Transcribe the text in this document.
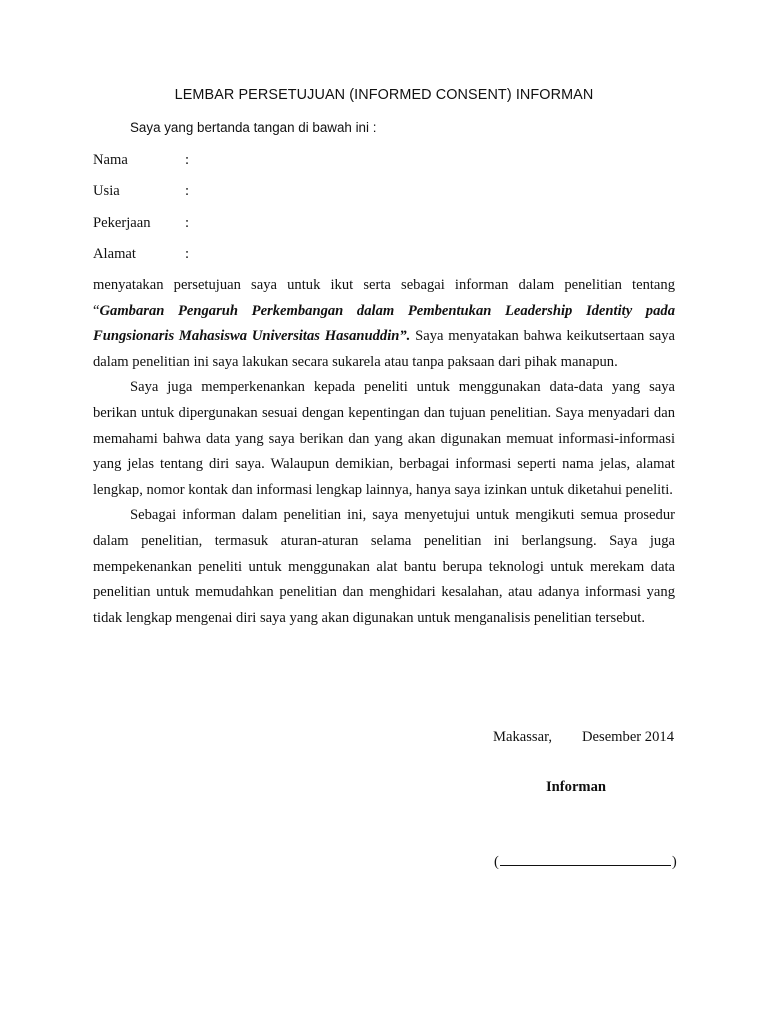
LEMBAR PERSETUJUAN (INFORMED CONSENT) INFORMAN
Saya yang bertanda tangan di bawah ini :
Nama	:
Usia	:
Pekerjaan :
Alamat	:

menyatakan persetujuan saya untuk ikut serta sebagai informan dalam penelitian tentang “Gambaran Pengaruh Perkembangan dalam Pembentukan Leadership Identity pada Fungsionaris Mahasiswa Universitas Hasanuddin”. Saya menyatakan bahwa keikutsertaan saya dalam penelitian ini saya lakukan secara sukarela atau tanpa paksaan dari pihak manapun.

Saya juga memperkenankan kepada peneliti untuk menggunakan data-data yang saya berikan untuk dipergunakan sesuai dengan kepentingan dan tujuan penelitian. Saya menyadari dan memahami bahwa data yang saya berikan dan yang akan digunakan memuat informasi-informasi yang jelas tentang diri saya. Walaupun demikian, berbagai informasi seperti nama jelas, alamat lengkap, nomor kontak dan informasi lengkap lainnya, hanya saya izinkan untuk diketahui peneliti.

Sebagai informan dalam penelitian ini, saya menyetujui untuk mengikuti semua prosedur dalam penelitian, termasuk aturan-aturan selama penelitian ini berlangsung. Saya juga mempekenankan peneliti untuk menggunakan alat bantu berupa teknologi untuk merekam data penelitian untuk memudahkan penelitian dan menghidari kesalahan, atau adanya informasi yang tidak lengkap mengenai diri saya yang akan digunakan untuk menganalisis penelitian tersebut.

Makassar, Desember 2014
Informan
(	)
